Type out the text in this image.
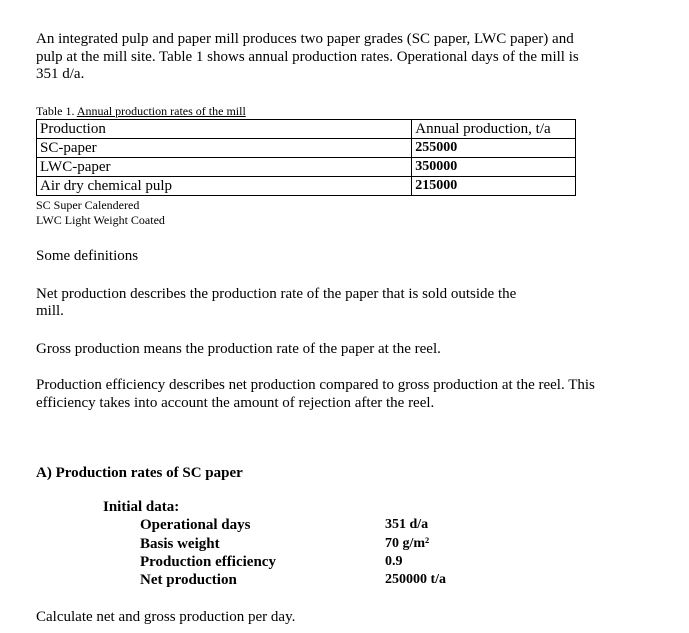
An integrated pulp and paper mill produces two paper grades (SC paper, LWC paper) and
pulp at the mill site. Table 1 shows annual production rates. Operational days of the mill is
351 d/a.
Table 1. Annual production rates of the mill
Production	Annual production, t/a
SC-paper	255000
LWC-paper	350000
Air dry chemical pulp	215000
SC Super Calendered
LWC Light Weight Coated
Some definitions
Net production describes the production rate of the paper that is sold outside the
mill.
Gross production means the production rate of the paper at the reel.
Production efficiency describes net production compared to gross production at the reel. This
efficiency takes into account the amount of rejection after the reel.
A) Production rates of SC paper
Initial data:
Operational days	351 d/a
Basis weight	70 g/m²
Production efficiency	0.9
Net production	250000 t/a
Calculate net and gross production per day.
